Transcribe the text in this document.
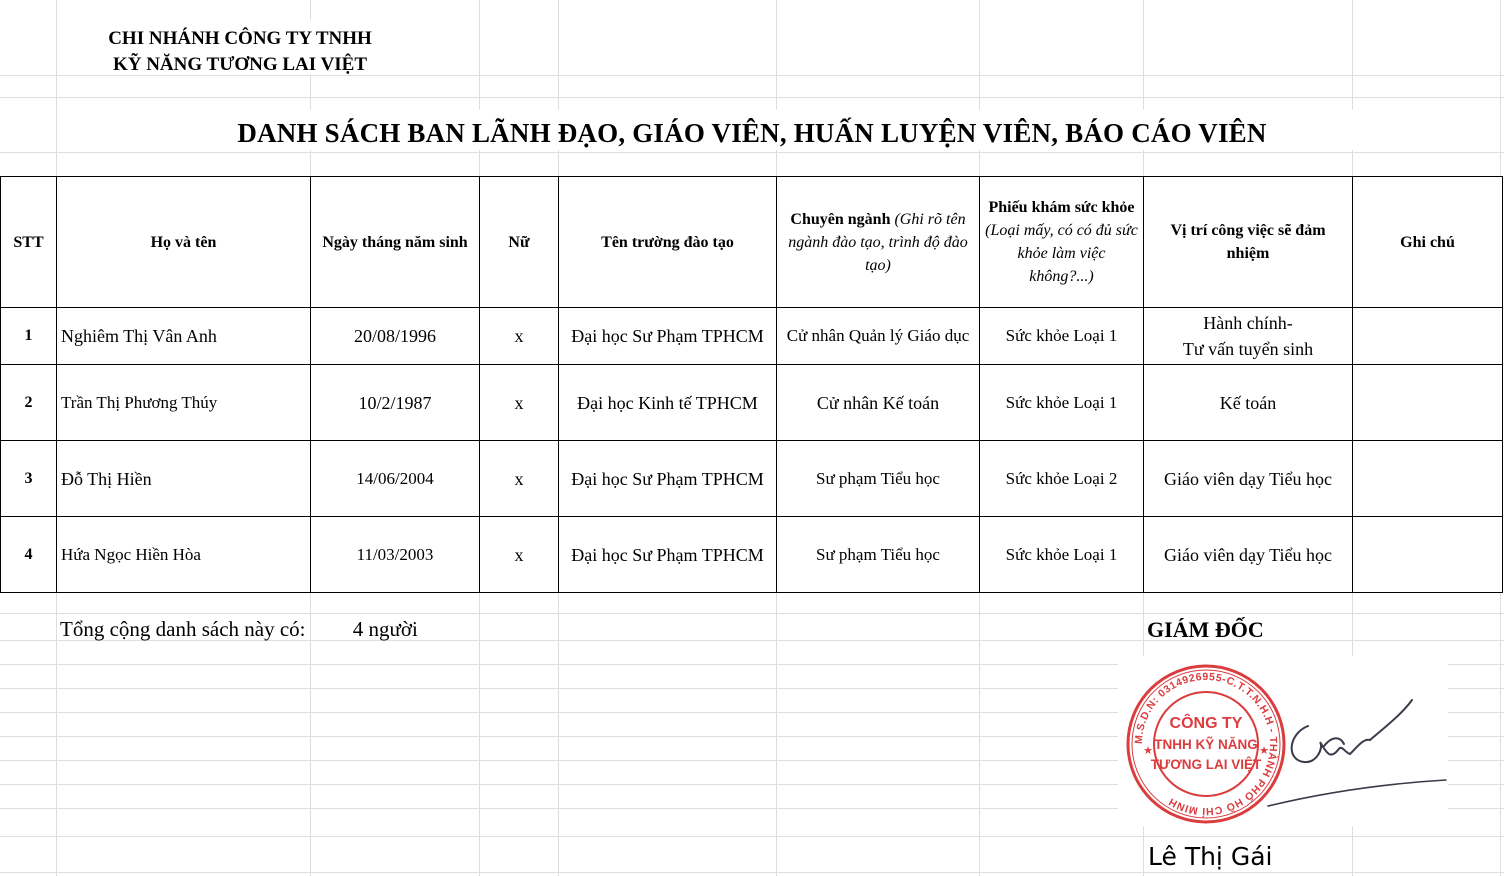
CHI NHÁNH CÔNG TY TNHH
KỸ NĂNG TƯƠNG LAI VIỆT
DANH SÁCH BAN LÃNH ĐẠO, GIÁO VIÊN, HUẤN LUYỆN VIÊN, BÁO CÁO VIÊN
STT	Họ và tên	Ngày tháng năm sinh	Nữ	Tên trường đào tạo	Chuyên ngành (Ghi rõ tên ngành đào tạo, trình độ đào tạo)	Phiếu khám sức khỏe (Loại mấy, có có đủ sức khỏe làm việc không?...)	Vị trí công việc sẽ đảm nhiệm	Ghi chú
1	Nghiêm Thị Vân Anh	20/08/1996	x	Đại học Sư Phạm TPHCM	Cử nhân Quản lý Giáo dục	Sức khỏe Loại 1	Hành chính-
Tư vấn tuyển sinh	

2	Trần Thị Phương Thúy	10/2/1987	x	Đại học Kinh tế TPHCM	Cử nhân Kế toán	Sức khỏe Loại 1	Kế toán	

3	Đỗ Thị Hiền	14/06/2004	x	Đại học Sư Phạm TPHCM	Sư phạm Tiểu học	Sức khỏe Loại 2	Giáo viên dạy Tiểu học	

4	Hứa Ngọc Hiền Hòa	11/03/2003	x	Đại học Sư Phạm TPHCM	Sư phạm Tiểu học	Sức khỏe Loại 1	Giáo viên dạy Tiểu học	

Tổng cộng danh sách này có: 4 người	GIÁM ĐỐC
M.S.D.N: 0314926955-C.T.T.N.H.H - THÀNH PHỐ HỒ CHÍ MINH
CÔNG TY
TNHH KỸ NĂNG
TƯƠNG LAI VIỆT
★	★
Lê Thị Gái
